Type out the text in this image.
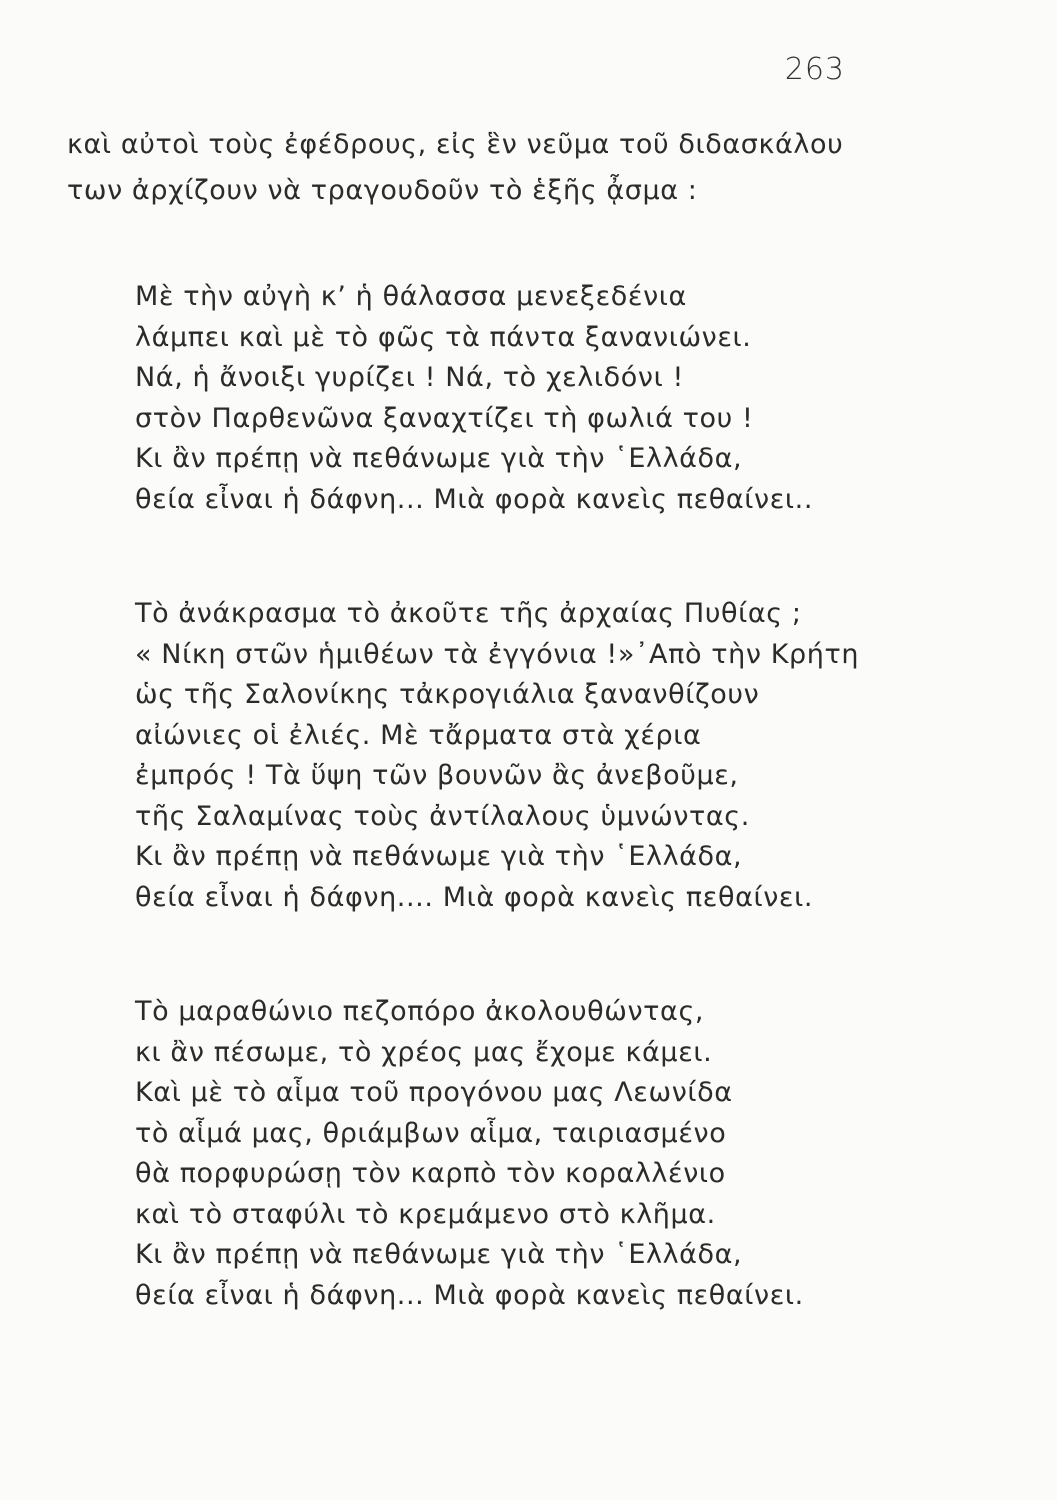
263
καὶ αὐτοὶ τοὺς ἐφέδρους, εἰς ἓν νεῦμα τοῦ διδασκάλου
των ἀρχίζουν νὰ τραγουδοῦν τὸ ἑξῆς ᾆσμα :
Μὲ τὴν αὐγὴ κ’ ἡ θάλασσα μενεξεδένια
λάμπει καὶ μὲ τὸ φῶς τὰ πάντα ξανανιώνει.
Νά, ἡ ἄνοιξι γυρίζει ! Νά, τὸ χελιδόνι !
στὸν Παρθενῶνα ξαναχτίζει τὴ φωλιά του !
Κι ἂν πρέπῃ νὰ πεθάνωμε γιὰ τὴν ῾Ελλάδα,
θεία εἶναι ἡ δάφνη... Μιὰ φορὰ κανεὶς πεθαίνει..
Τὸ ἀνάκρασμα τὸ ἀκοῦτε τῆς ἀρχαίας Πυθίας ;
« Νίκη στῶν ἡμιθέων τὰ ἐγγόνια !»᾿Απὸ τὴν Κρήτη
ὡς τῆς Σαλονίκης τἀκρογιάλια ξανανθίζουν
αἰώνιες οἱ ἐλιές. Μὲ τἄρματα στὰ χέρια
ἐμπρός ! Τὰ ὕψη τῶν βουνῶν ἂς ἀνεβοῦμε,
τῆς Σαλαμίνας τοὺς ἀντίλαλους ὑμνώντας.
Κι ἂν πρέπῃ νὰ πεθάνωμε γιὰ τὴν ῾Ελλάδα,
θεία εἶναι ἡ δάφνη.... Μιὰ φορὰ κανεὶς πεθαίνει.
Τὸ μαραθώνιο πεζοπόρο ἀκολουθώντας,
κι ἂν πέσωμε, τὸ χρέος μας ἔχομε κάμει.
Καὶ μὲ τὸ αἷμα τοῦ προγόνου μας Λεωνίδα
τὸ αἷμά μας, θριάμβων αἷμα, ταιριασμένο
θὰ πορφυρώσῃ τὸν καρπὸ τὸν κοραλλένιο
καὶ τὸ σταφύλι τὸ κρεμάμενο στὸ κλῆμα.
Κι ἂν πρέπῃ νὰ πεθάνωμε γιὰ τὴν ῾Ελλάδα,
θεία εἶναι ἡ δάφνη... Μιὰ φορὰ κανεὶς πεθαίνει.
